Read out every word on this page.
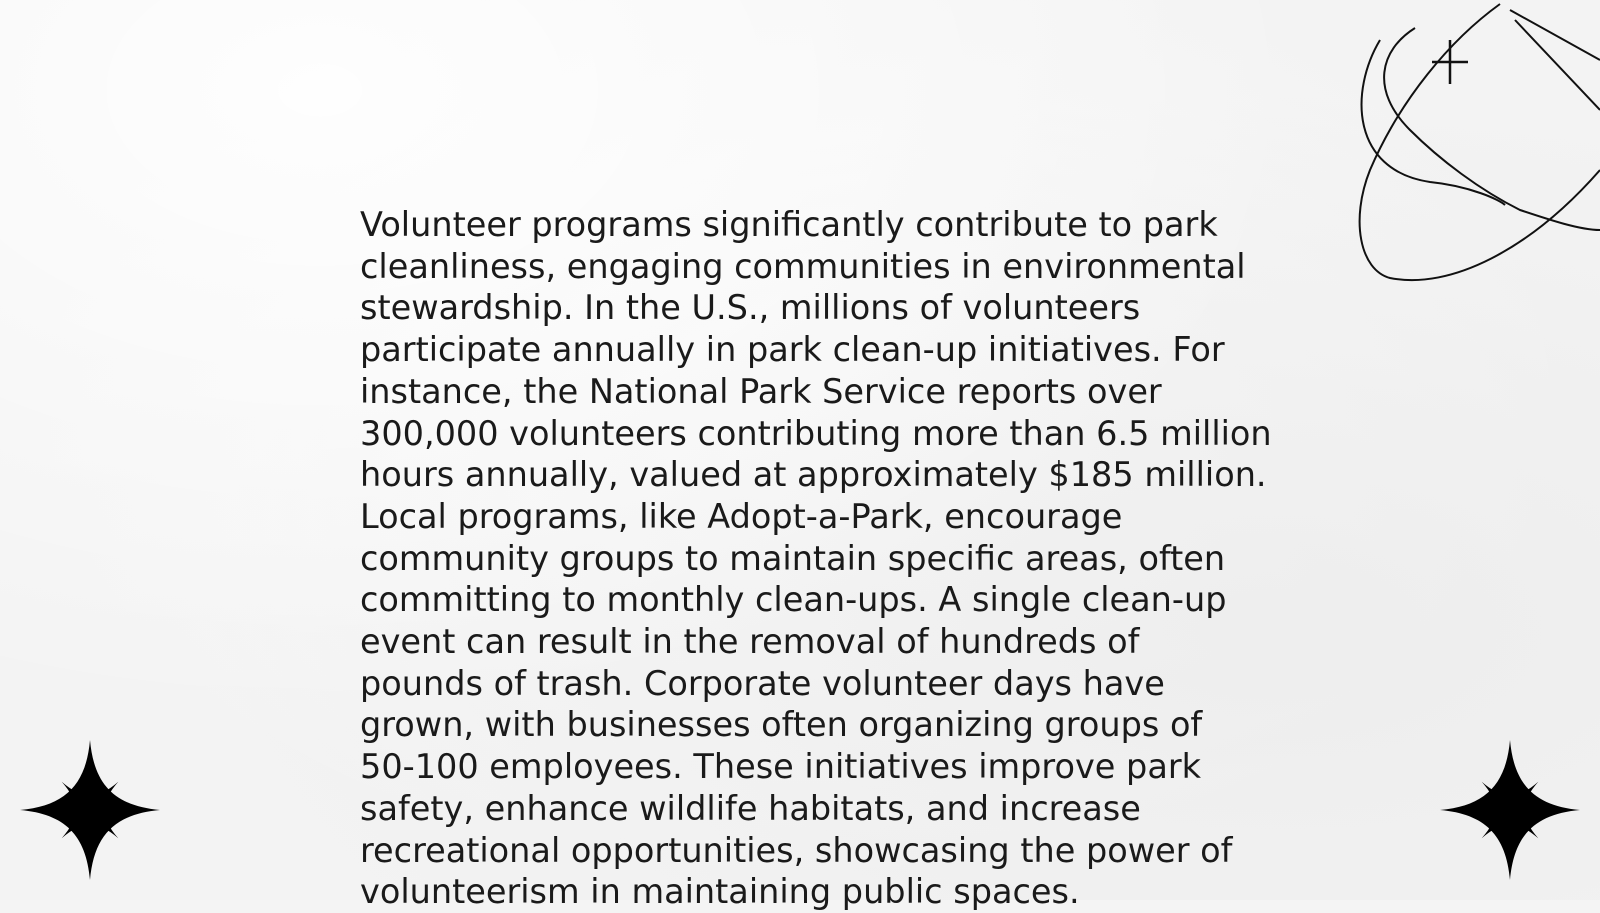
Volunteer programs significantly contribute to park
cleanliness, engaging communities in environmental
stewardship. In the U.S., millions of volunteers
participate annually in park clean-up initiatives. For
instance, the National Park Service reports over
300,000 volunteers contributing more than 6.5 million
hours annually, valued at approximately $185 million.
Local programs, like Adopt-a-Park, encourage
community groups to maintain specific areas, often
committing to monthly clean-ups. A single clean-up
event can result in the removal of hundreds of
pounds of trash. Corporate volunteer days have
grown, with businesses often organizing groups of
50-100 employees. These initiatives improve park
safety, enhance wildlife habitats, and increase
recreational opportunities, showcasing the power of
volunteerism in maintaining public spaces.
